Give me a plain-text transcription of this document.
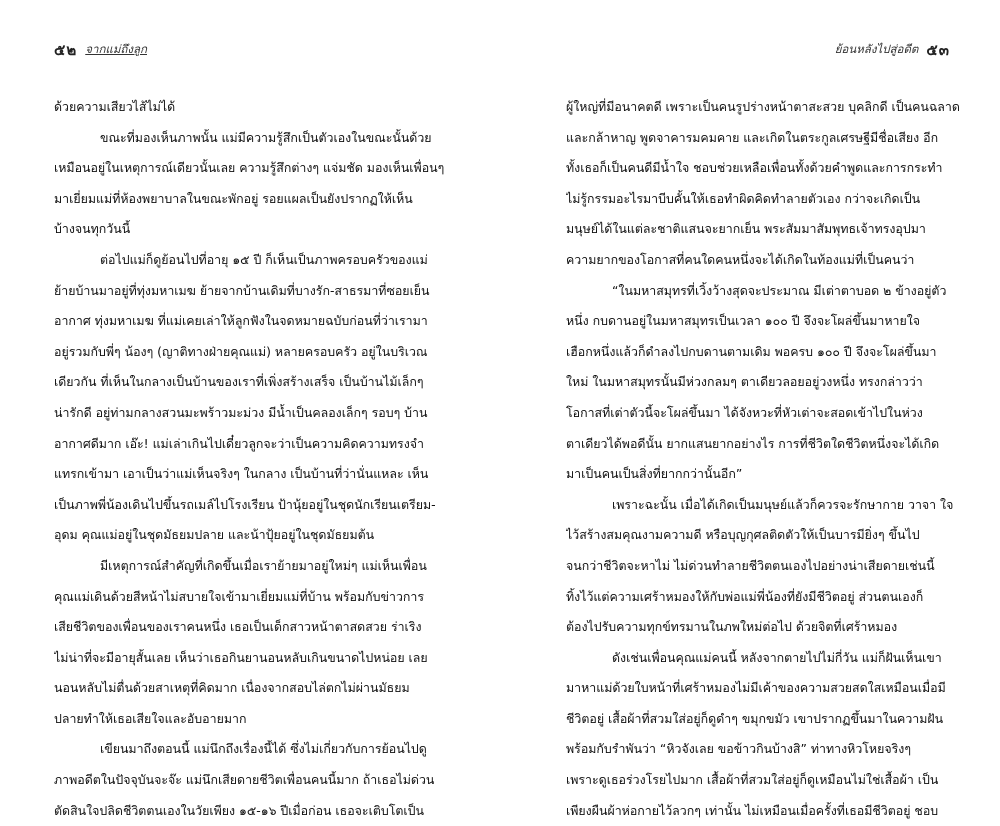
๕๒ จากแม่ถึงลูก
ด้วยความเสียวไส้ไม่ได้
ขณะที่มองเห็นภาพนั้น แม่มีความรู้สึกเป็นตัวเองในขณะนั้นด้วย
เหมือนอยู่ในเหตุการณ์เดียวนั้นเลย ความรู้สึกต่างๆ แจ่มชัด มองเห็นเพื่อนๆ
มาเยี่ยมแม่ที่ห้องพยาบาลในขณะพักอยู่ รอยแผลเป็นยังปรากฏให้เห็น
บ้างจนทุกวันนี้
ต่อไปแม่ก็ดูย้อนไปที่อายุ ๑๕ ปี ก็เห็นเป็นภาพครอบครัวของแม่
ย้ายบ้านมาอยู่ที่ทุ่งมหาเมฆ ย้ายจากบ้านเดิมที่บางรัก-สาธรมาที่ซอยเย็น
อากาศ ทุ่งมหาเมฆ ที่แม่เคยเล่าให้ลูกฟังในจดหมายฉบับก่อนที่ว่าเรามา
อยู่รวมกับพี่ๆ น้องๆ (ญาติทางฝ่ายคุณแม่) หลายครอบครัว อยู่ในบริเวณ
เดียวกัน ที่เห็นในกลางเป็นบ้านของเราที่เพิ่งสร้างเสร็จ เป็นบ้านไม้เล็กๆ
น่ารักดี อยู่ท่ามกลางสวนมะพร้าวมะม่วง มีน้ำเป็นคลองเล็กๆ รอบๆ บ้าน
อากาศดีมาก เอ๊ะ! แม่เล่าเกินไปเดี๋ยวลูกจะว่าเป็นความคิดความทรงจำ
แทรกเข้ามา เอาเป็นว่าแม่เห็นจริงๆ ในกลาง เป็นบ้านที่ว่านั่นแหละ เห็น
เป็นภาพพี่น้องเดินไปขึ้นรถเมล์ไปโรงเรียน ป้านุ้ยอยู่ในชุดนักเรียนเตรียม-
อุดม คุณแม่อยู่ในชุดมัธยมปลาย และน้าปุ้ยอยู่ในชุดมัธยมต้น
มีเหตุการณ์สำคัญที่เกิดขึ้นเมื่อเราย้ายมาอยู่ใหม่ๆ แม่เห็นเพื่อน
คุณแม่เดินด้วยสีหน้าไม่สบายใจเข้ามาเยี่ยมแม่ที่บ้าน พร้อมกับข่าวการ
เสียชีวิตของเพื่อนของเราคนหนึ่ง เธอเป็นเด็กสาวหน้าตาสดสวย ร่าเริง
ไม่น่าที่จะมีอายุสั้นเลย เห็นว่าเธอกินยานอนหลับเกินขนาดไปหน่อย เลย
นอนหลับไม่ตื่นด้วยสาเหตุที่คิดมาก เนื่องจากสอบไล่ตกไม่ผ่านมัธยม
ปลายทำให้เธอเสียใจและอับอายมาก
เขียนมาถึงตอนนี้ แม่นึกถึงเรื่องนี้ได้ ซึ่งไม่เกี่ยวกับการย้อนไปดู
ภาพอดีตในปัจจุบันจะจ๊ะ แม่นึกเสียดายชีวิตเพื่อนคนนี้มาก ถ้าเธอไม่ด่วน
ตัดสินใจปลิดชีวิตตนเองในวัยเพียง ๑๕-๑๖ ปีเมื่อก่อน เธอจะเติบโตเป็น
ย้อนหลังไปสู่อดีต ๕๓
ผู้ใหญ่ที่มีอนาคตดี เพราะเป็นคนรูปร่างหน้าตาสะสวย บุคลิกดี เป็นคนฉลาด
และกล้าหาญ พูดจาคารมคมคาย และเกิดในตระกูลเศรษฐีมีชื่อเสียง อีก
ทั้งเธอก็เป็นคนดีมีน้ำใจ ชอบช่วยเหลือเพื่อนทั้งด้วยคำพูดและการกระทำ
ไม่รู้กรรมอะไรมาบีบคั้นให้เธอทำผิดคิดทำลายตัวเอง กว่าจะเกิดเป็น
มนุษย์ได้ในแต่ละชาติแสนจะยากเย็น พระสัมมาสัมพุทธเจ้าทรงอุปมา
ความยากของโอกาสที่คนใดคนหนึ่งจะได้เกิดในท้องแม่ที่เป็นคนว่า
“ในมหาสมุทรที่เวิ้งว้างสุดจะประมาณ มีเต่าตาบอด ๒ ข้างอยู่ตัว
หนึ่ง กบดานอยู่ในมหาสมุทรเป็นเวลา ๑๐๐ ปี จึงจะโผล่ขึ้นมาหายใจ
เฮือกหนึ่งแล้วก็ดำลงไปกบดานตามเดิม พอครบ ๑๐๐ ปี จึงจะโผล่ขึ้นมา
ใหม่ ในมหาสมุทรนั้นมีห่วงกลมๆ ตาเดียวลอยอยู่วงหนึ่ง ทรงกล่าวว่า
โอกาสที่เต่าตัวนี้จะโผล่ขึ้นมา ได้จังหวะที่หัวเต่าจะสอดเข้าไปในห่วง
ตาเดียวได้พอดีนั้น ยากแสนยากอย่างไร การที่ชีวิตใดชีวิตหนึ่งจะได้เกิด
มาเป็นคนเป็นสิ่งที่ยากกว่านั้นอีก”
เพราะฉะนั้น เมื่อได้เกิดเป็นมนุษย์แล้วก็ควรจะรักษากาย วาจา ใจ
ไว้สร้างสมคุณงามความดี หรือบุญกุศลติดตัวให้เป็นบารมียิ่งๆ ขึ้นไป
จนกว่าชีวิตจะหาไม่ ไม่ด่วนทำลายชีวิตตนเองไปอย่างน่าเสียดายเช่นนี้
ทิ้งไว้แต่ความเศร้าหมองให้กับพ่อแม่พี่น้องที่ยังมีชีวิตอยู่ ส่วนตนเองก็
ต้องไปรับความทุกข์ทรมานในภพใหม่ต่อไป ด้วยจิตที่เศร้าหมอง
ดังเช่นเพื่อนคุณแม่คนนี้ หลังจากตายไปไม่กี่วัน แม่ก็ฝันเห็นเขา
มาหาแม่ด้วยใบหน้าที่เศร้าหมองไม่มีเค้าของความสวยสดใสเหมือนเมื่อมี
ชีวิตอยู่ เสื้อผ้าที่สวมใส่อยู่ก็ดูดำๆ ขมุกขมัว เขาปรากฏขึ้นมาในความฝัน
พร้อมกับรำพันว่า “หิวจังเลย ขอข้าวกินบ้างสิ” ท่าทางหิวโหยจริงๆ
เพราะดูเธอร่วงโรยไปมาก เสื้อผ้าที่สวมใส่อยู่ก็ดูเหมือนไม่ใช่เสื้อผ้า เป็น
เพียงผืนผ้าห่อกายไว้ลวกๆ เท่านั้น ไม่เหมือนเมื่อครั้งที่เธอมีชีวิตอยู่ ชอบ
